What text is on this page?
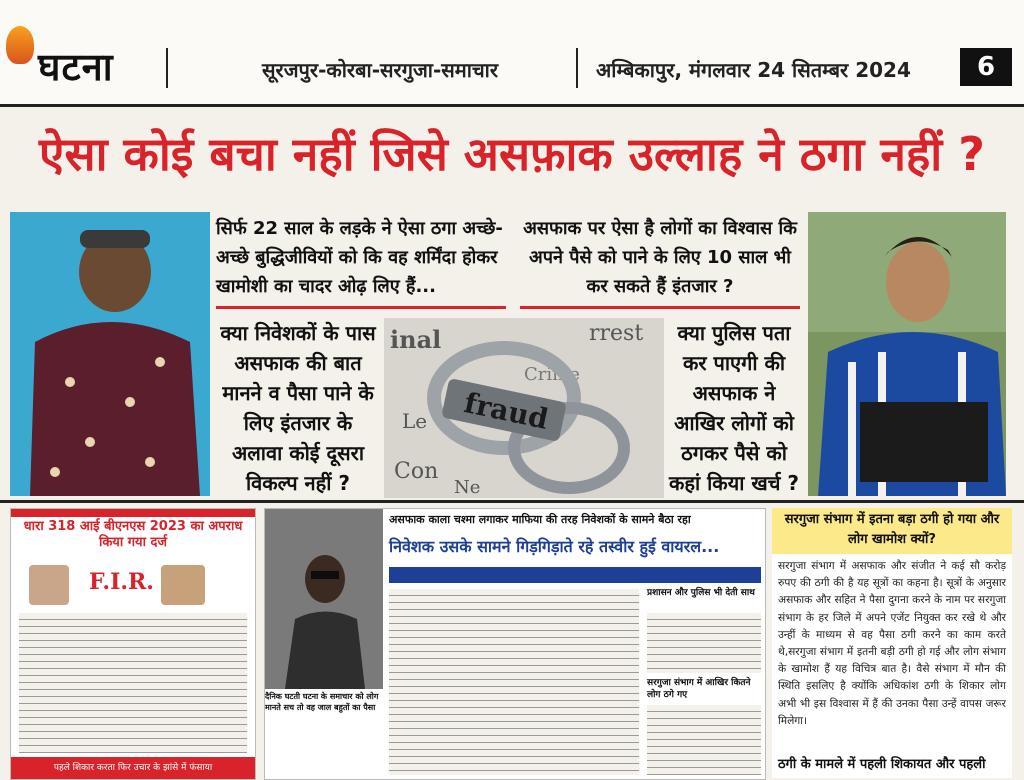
घटना	सूरजपुर-कोरबा-सरगुजा-समाचार	अम्बिकापुर, मंगलवार 24 सितम्बर 2024	6
ऐसा कोई बचा नहीं जिसे असफ़ाक उल्लाह ने ठगा नहीं ?
सिर्फ 22 साल के लड़के ने ऐसा ठगा अच्छे-अच्छे बुद्धिजीवियों को कि वह शर्मिंदा होकर खामोशी का चादर ओढ़ लिए हैं...
असफाक पर ऐसा है लोगों का विश्वास कि अपने पैसे को पाने के लिए 10 साल भी कर सकते हैं इंतजार ?
क्या निवेशकों के पास असफाक की बात मानने व पैसा पाने के लिए इंतजार के अलावा कोई दूसरा विकल्प नहीं ?
inal	rrest
Crime
Le
Con
Ne
fraud
क्या पुलिस पता कर पाएगी की असफाक ने आखिर लोगों को ठगकर पैसे को कहां किया खर्च ?
धारा 318 आई बीएनएस 2023 का अपराध किया गया दर्ज
F.I.R.
पहले शिकार करता फिर उचार के झांसे में फंसाया
दैनिक घटती घटना के समाचार को लोग मानते सच तो वह जाल बहुतों का पैसा
असफाक काला चश्मा लगाकर माफिया की तरह निवेशकों के सामने बैठा रहा
निवेशक उसके सामने गिड़गिड़ाते रहे तस्वीर हुई वायरल...
प्रशासन और पुलिस भी देती साथ
सरगुजा संभाग में आखिर कितने लोग ठगे गए
सरगुजा संभाग में इतना बड़ा ठगी हो गया और लोग खामोश क्यों?
सरगुजा संभाग में असफाक और संजीत ने कई सौ करोड़ रुपए की ठगी की है यह सूत्रों का कहना है। सूत्रों के अनुसार असफाक और सहित ने पैसा दुगना करने के नाम पर सरगुजा संभाग के हर जिले में अपने एजेंट नियुक्त कर रखे थे और उन्हीं के माध्यम से वह पैसा ठगी करने का काम करते थे,सरगुजा संभाग में इतनी बड़ी ठगी हो गई और लोग संभाग के खामोश हैं यह विचित्र बात है। वैसे संभाग में मौन की स्थिति इसलिए है क्योंकि अधिकांश ठगी के शिकार लोग अभी भी इस विश्वास में हैं की उनका पैसा उन्हें वापस जरूर मिलेगा।
ठगी के मामले में पहली शिकायत और पहली
